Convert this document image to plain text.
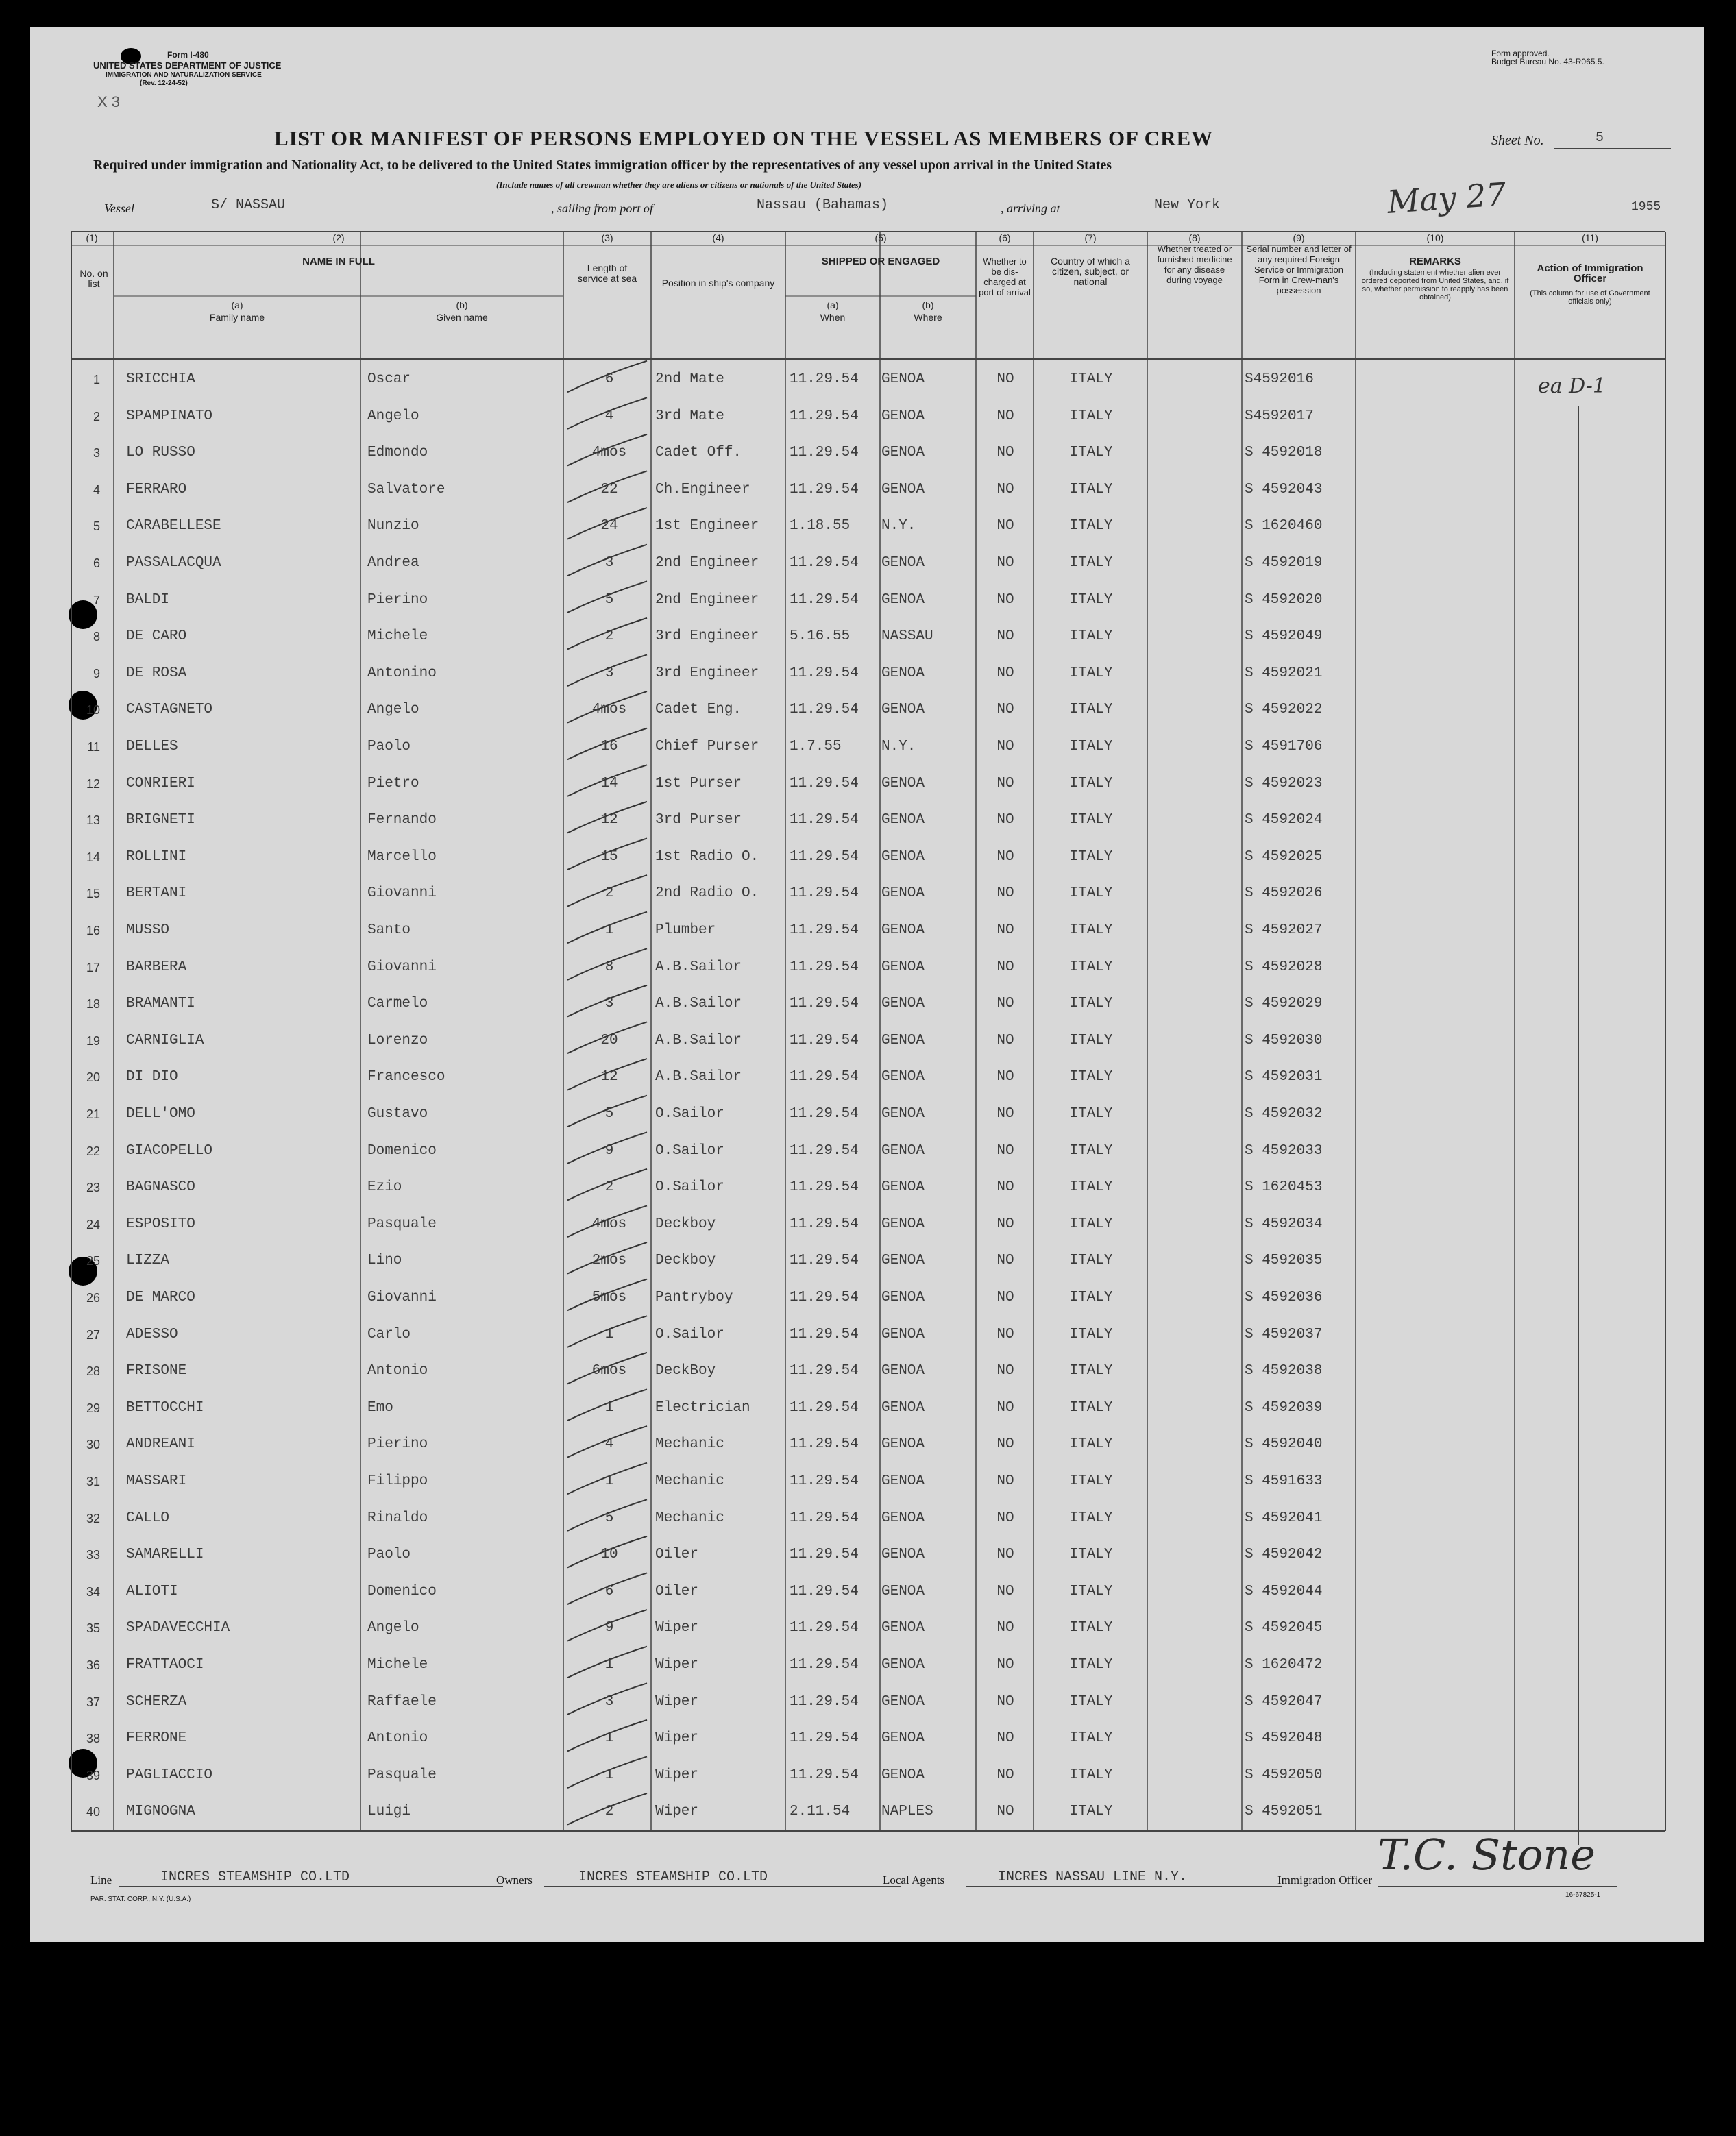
Form I-480
UNITED STATES DEPARTMENT OF JUSTICE
IMMIGRATION AND NATURALIZATION SERVICE
(Rev. 12-24-52)
X 3
Form approved.
Budget Bureau No. 43-R065.5.
LIST OR MANIFEST OF PERSONS EMPLOYED ON THE VESSEL AS MEMBERS OF CREW	Sheet No.	5
Required under immigration and Nationality Act, to be delivered to the United States immigration officer by the representatives of any vessel upon arrival in the United States
(Include names of all crewman whether they are aliens or citizens or nationals of the United States)
Vessel	S/ NASSAU	, sailing from port of	Nassau (Bahamas)	, arriving at	New York	May 27	1955
(1)
No. on list
(2)
NAME IN FULL
(a)
Family name
(b)
Given name
(3)
Length of service at sea
(4)
Position in ship's company
(5)
SHIPPED OR ENGAGED
(a)
When
(b)
Where
(6)
Whether to be dis-charged at port of arrival
(7)
Country of which a citizen, subject, or national
(8)
Whether treated or furnished medicine for any disease during voyage
(9)
Serial number and letter of any required Foreign Service or Immigration Form in Crew-man's possession
(10)
REMARKS
(Including statement whether alien ever ordered deported from United States, and, if so, whether permission to reapply has been obtained)
(11)
Action of Immigration Officer
(This column for use of Government officials only)
1 SRICCHIA	Oscar	6	2nd Mate	11.29.54	GENOA	NO	ITALY	S4592016
2 SPAMPINATO	Angelo	4	3rd Mate	11.29.54	GENOA	NO	ITALY	S4592017
3 LO RUSSO	Edmondo	4mos	Cadet Off.	11.29.54	GENOA	NO	ITALY	S 4592018
4 FERRARO	Salvatore	22	Ch.Engineer	11.29.54	GENOA	NO	ITALY	S 4592043
5 CARABELLESE	Nunzio	24	1st Engineer	1.18.55	N.Y.	NO	ITALY	S 1620460
6 PASSALACQUA	Andrea	3	2nd Engineer	11.29.54	GENOA	NO	ITALY	S 4592019
7 BALDI	Pierino	5	2nd Engineer	11.29.54	GENOA	NO	ITALY	S 4592020
8 DE CARO	Michele	2	3rd Engineer	5.16.55	NASSAU	NO	ITALY	S 4592049
9 DE ROSA	Antonino	3	3rd Engineer	11.29.54	GENOA	NO	ITALY	S 4592021
10 CASTAGNETO	Angelo	4mos	Cadet Eng.	11.29.54	GENOA	NO	ITALY	S 4592022
11 DELLES	Paolo	16	Chief Purser	1.7.55	N.Y.	NO	ITALY	S 4591706
12 CONRIERI	Pietro	14	1st Purser	11.29.54	GENOA	NO	ITALY	S 4592023
13 BRIGNETI	Fernando	12	3rd Purser	11.29.54	GENOA	NO	ITALY	S 4592024
14 ROLLINI	Marcello	15	1st Radio O.	11.29.54	GENOA	NO	ITALY	S 4592025
15 BERTANI	Giovanni	2	2nd Radio O.	11.29.54	GENOA	NO	ITALY	S 4592026
16 MUSSO	Santo	1	Plumber	11.29.54	GENOA	NO	ITALY	S 4592027
17 BARBERA	Giovanni	8	A.B.Sailor	11.29.54	GENOA	NO	ITALY	S 4592028
18 BRAMANTI	Carmelo	3	A.B.Sailor	11.29.54	GENOA	NO	ITALY	S 4592029
19 CARNIGLIA	Lorenzo	20	A.B.Sailor	11.29.54	GENOA	NO	ITALY	S 4592030
20 DI DIO	Francesco	12	A.B.Sailor	11.29.54	GENOA	NO	ITALY	S 4592031
21 DELL'OMO	Gustavo	5	O.Sailor	11.29.54	GENOA	NO	ITALY	S 4592032
22 GIACOPELLO	Domenico	9	O.Sailor	11.29.54	GENOA	NO	ITALY	S 4592033
23 BAGNASCO	Ezio	2	O.Sailor	11.29.54	GENOA	NO	ITALY	S 1620453
24 ESPOSITO	Pasquale	4mos	Deckboy	11.29.54	GENOA	NO	ITALY	S 4592034
25 LIZZA	Lino	2mos	Deckboy	11.29.54	GENOA	NO	ITALY	S 4592035
26 DE MARCO	Giovanni	5mos	Pantryboy	11.29.54	GENOA	NO	ITALY	S 4592036
27 ADESSO	Carlo	1	O.Sailor	11.29.54	GENOA	NO	ITALY	S 4592037
28 FRISONE	Antonio	6mos	DeckBoy	11.29.54	GENOA	NO	ITALY	S 4592038
29 BETTOCCHI	Emo	1	Electrician	11.29.54	GENOA	NO	ITALY	S 4592039
30 ANDREANI	Pierino	4	Mechanic	11.29.54	GENOA	NO	ITALY	S 4592040
31 MASSARI	Filippo	1	Mechanic	11.29.54	GENOA	NO	ITALY	S 4591633
32 CALLO	Rinaldo	5	Mechanic	11.29.54	GENOA	NO	ITALY	S 4592041
33 SAMARELLI	Paolo	10	Oiler	11.29.54	GENOA	NO	ITALY	S 4592042
34 ALIOTI	Domenico	6	Oiler	11.29.54	GENOA	NO	ITALY	S 4592044
35 SPADAVECCHIA	Angelo	9	Wiper	11.29.54	GENOA	NO	ITALY	S 4592045
36 FRATTAOCI	Michele	1	Wiper	11.29.54	GENOA	NO	ITALY	S 1620472
37 SCHERZA	Raffaele	3	Wiper	11.29.54	GENOA	NO	ITALY	S 4592047
38 FERRONE	Antonio	1	Wiper	11.29.54	GENOA	NO	ITALY	S 4592048
39 PAGLIACCIO	Pasquale	1	Wiper	11.29.54	GENOA	NO	ITALY	S 4592050
40 MIGNOGNA	Luigi	2	Wiper	2.11.54	NAPLES	NO	ITALY	S 4592051
ea D-1
Line	INCRES STEAMSHIP CO.LTD	Owners	INCRES STEAMSHIP CO.LTD	Local Agents	INCRES NASSAU LINE N.Y.	Immigration Officer
T.C. Stone
PAR. STAT. CORP., N.Y. (U.S.A.)
16-67825-1
